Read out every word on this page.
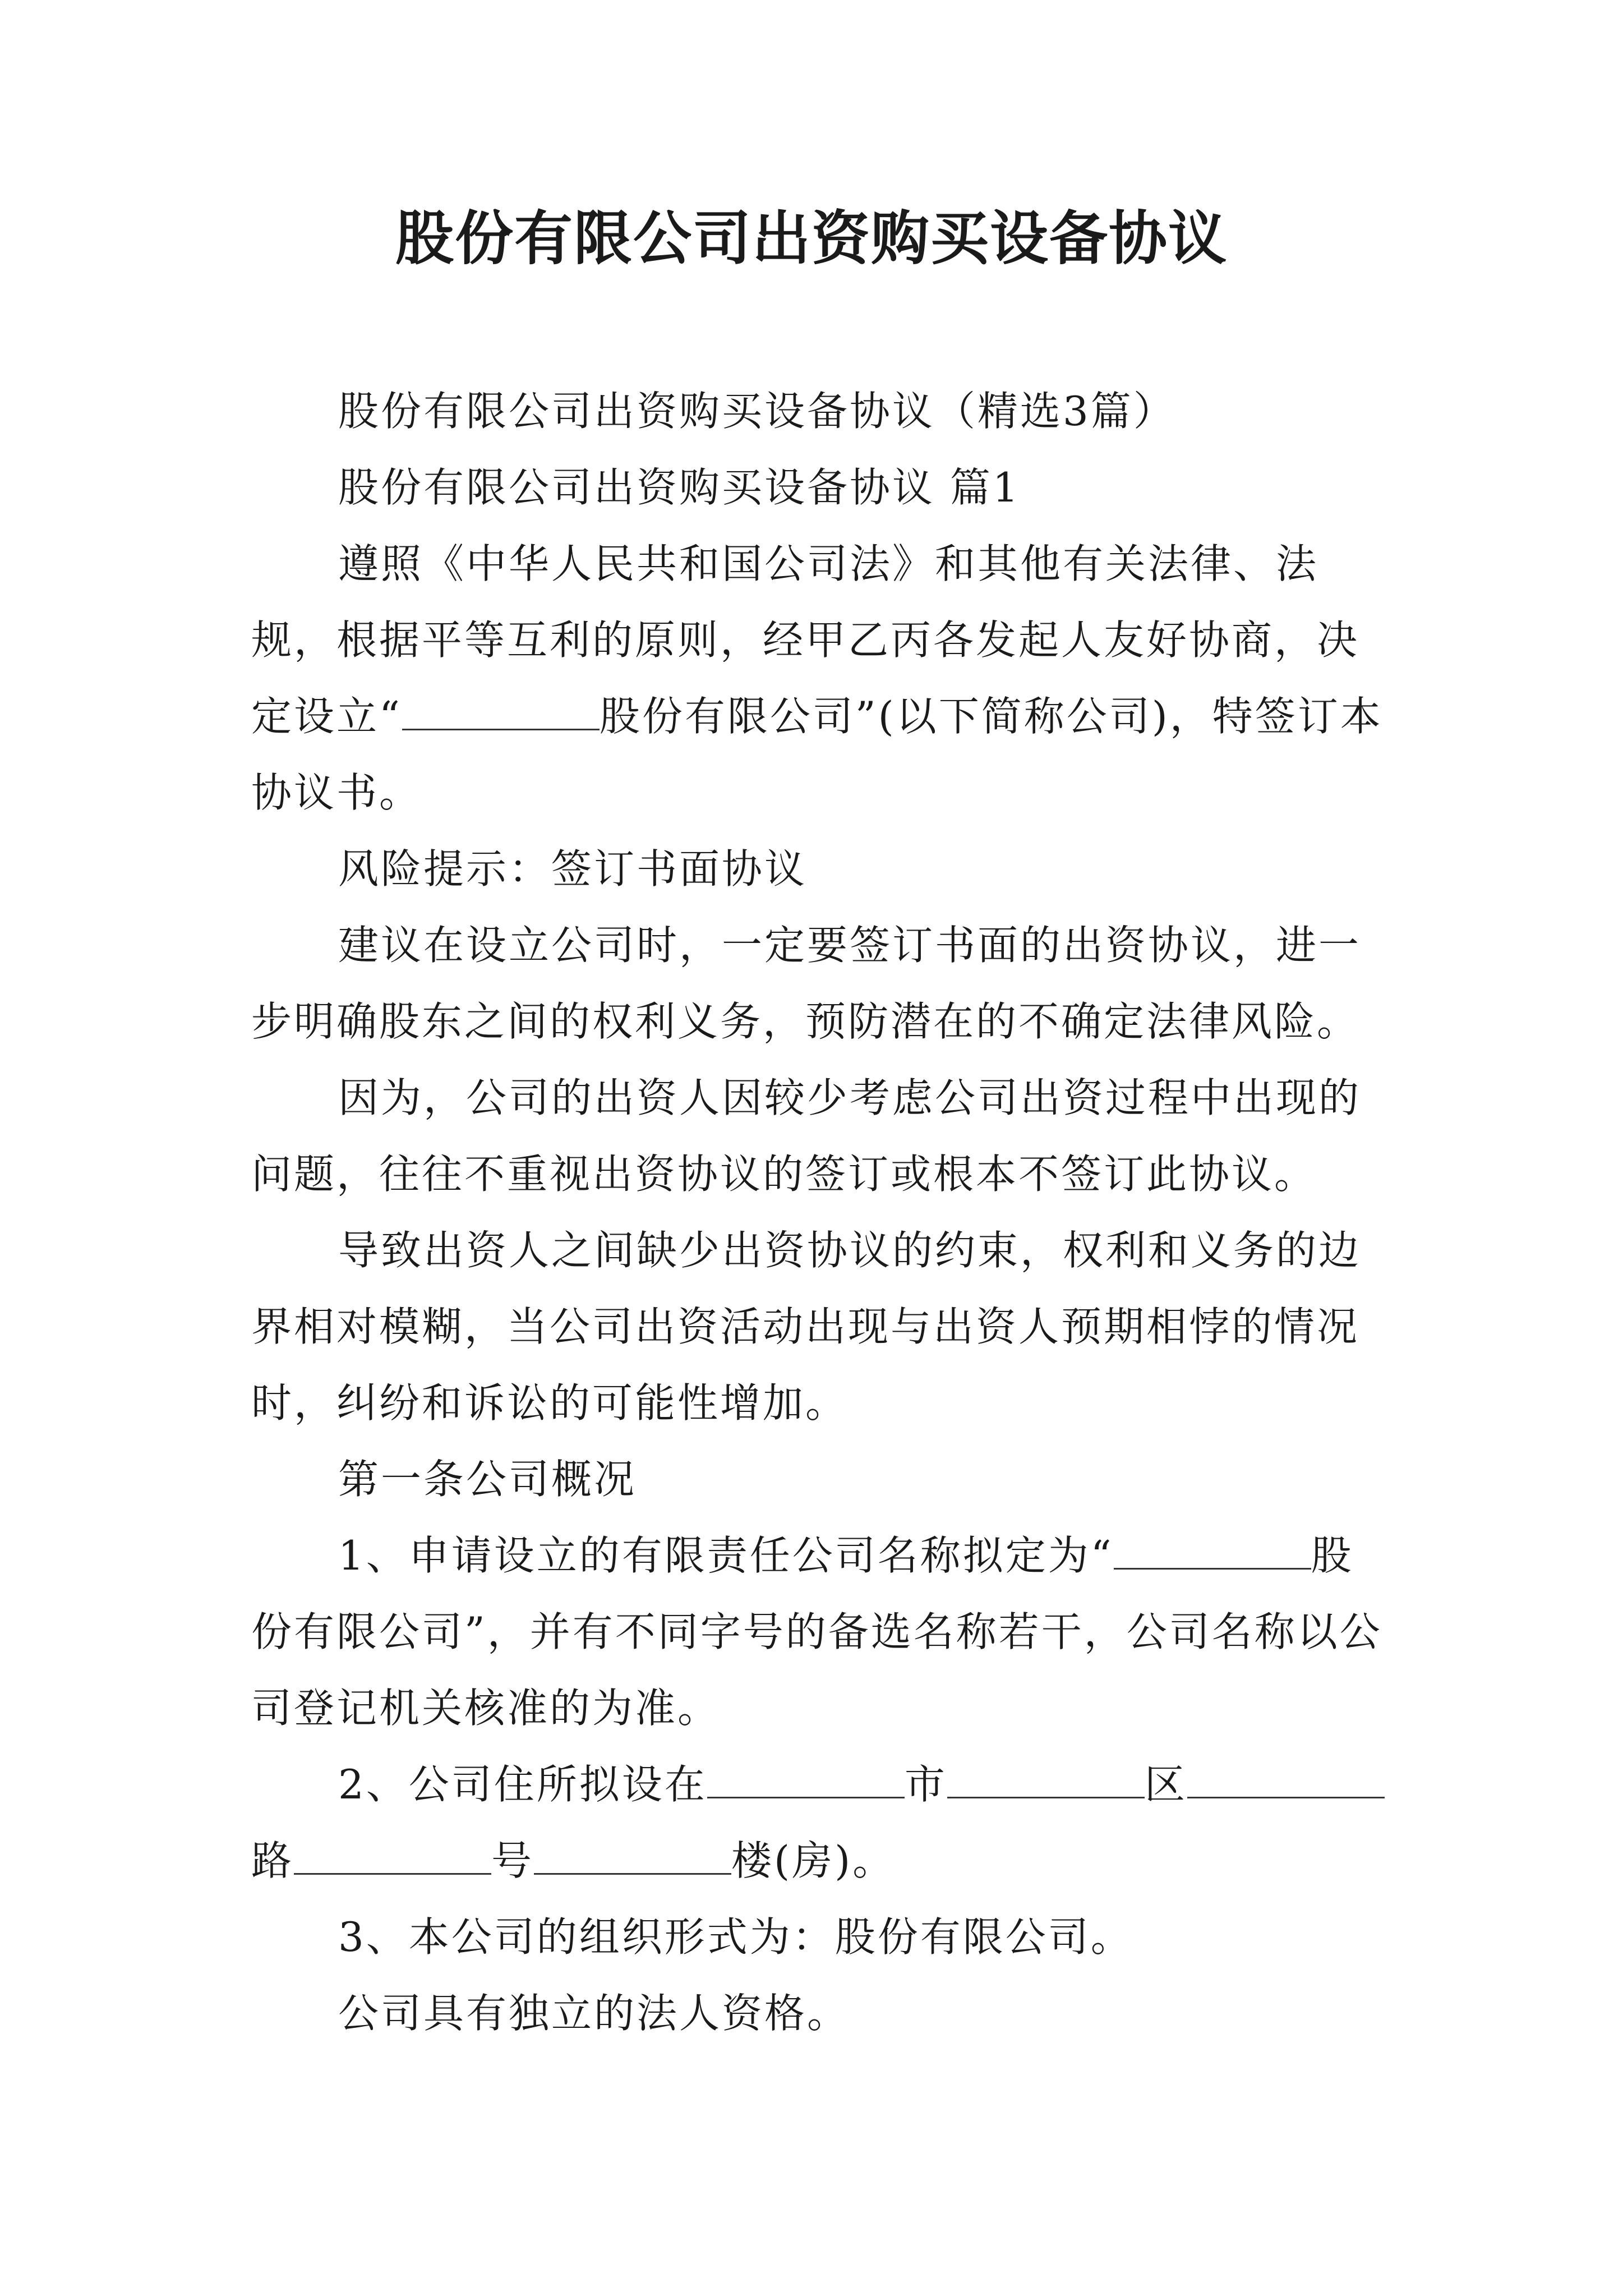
股份有限公司出资购买设备协议

股份有限公司出资购买设备协议（精选3篇）

股份有限公司出资购买设备协议 篇1

遵照《中华人民共和国公司法》和其他有关法律、法规，根据平等互利的原则，经甲乙丙各发起人友好协商，决定设立“	股份有限公司”(以下简称公司)，特签订本协议书。

风险提示：签订书面协议

建议在设立公司时，一定要签订书面的出资协议，进一步明确股东之间的权利义务，预防潜在的不确定法律风险。

因为，公司的出资人因较少考虑公司出资过程中出现的问题，往往不重视出资协议的签订或根本不签订此协议。

导致出资人之间缺少出资协议的约束，权利和义务的边界相对模糊，当公司出资活动出现与出资人预期相悖的情况时，纠纷和诉讼的可能性增加。

第一条公司概况

1、申请设立的有限责任公司名称拟定为“	股份有限公司”，并有不同字号的备选名称若干，公司名称以公司登记机关核准的为准。

2、公司住所拟设在	市	区路	号	楼(房)。

3、本公司的组织形式为：股份有限公司。

公司具有独立的法人资格。
